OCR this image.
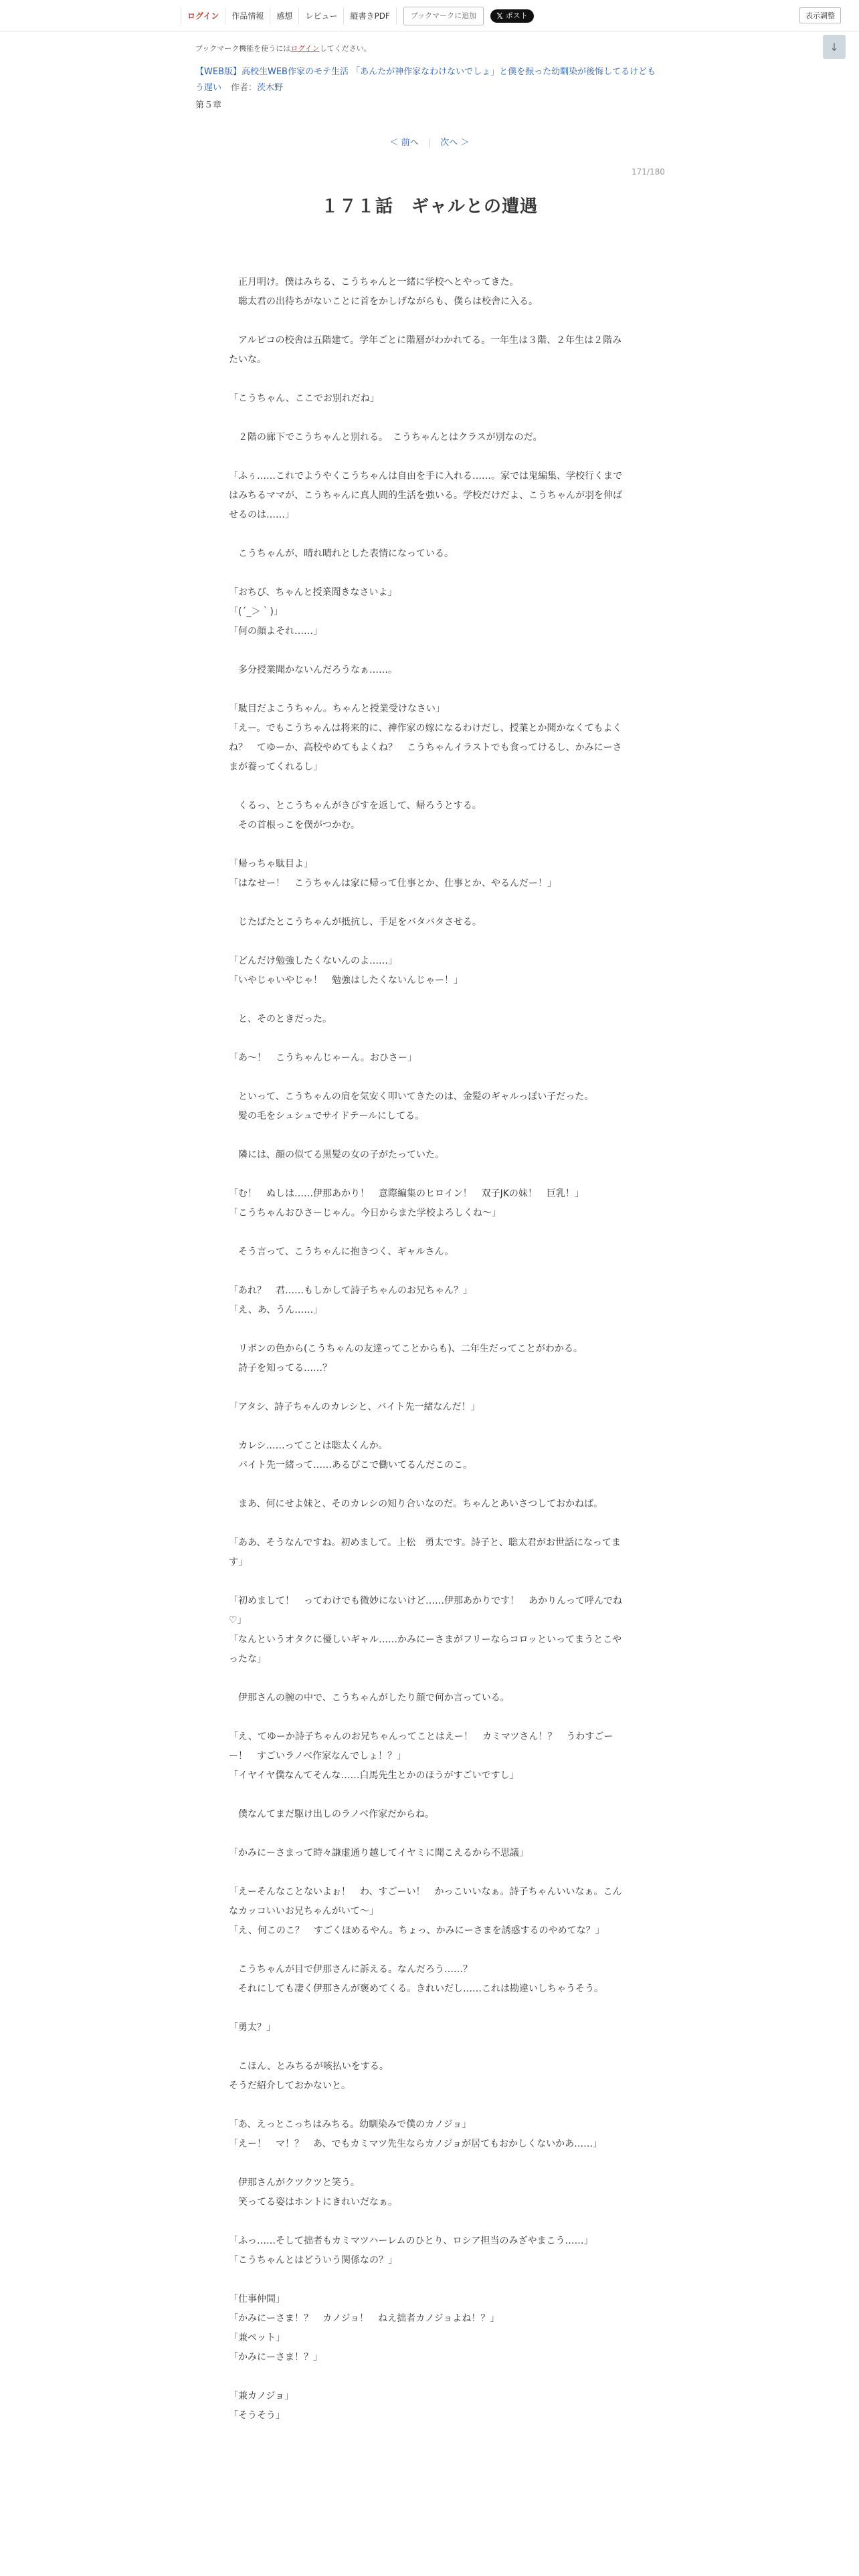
ログイン	作品情報	感想	レビュー	縦書きPDF	ブックマークに追加	𝕏 ポスト	表示調整
↓
ブックマーク機能を使うにはログインしてください。
【WEB版】高校生WEB作家のモテ生活 「あんたが神作家なわけないでしょ」と僕を振った幼馴染が後悔してるけどもう遅い 作者：茨木野
第５章
＜ 前へ | 次へ ＞
171/180
１７１話　ギャルとの遭遇
　正月明け。僕はみちる、こうちゃんと一緒に学校へとやってきた。
　聡太君の出待ちがないことに首をかしげながらも、僕らは校舎に入る。
　アルピコの校舎は五階建て。学年ごとに階層がわかれてる。一年生は３階、２年生は２階みたいな。
「こうちゃん、ここでお別れだね」
　２階の廊下でこうちゃんと別れる。　こうちゃんとはクラスが別なのだ。
「ふぅ……これでようやくこうちゃんは自由を手に入れる……。家では鬼編集、学校行くまではみちるママが、こうちゃんに真人間的生活を強いる。学校だけだよ、こうちゃんが羽を伸ばせるのは……」
　こうちゃんが、晴れ晴れとした表情になっている。
「おちび、ちゃんと授業聞きなさいよ」
「(´_＞｀)」
「何の顔よそれ……」
　多分授業聞かないんだろうなぁ……。
「駄目だよこうちゃん。ちゃんと授業受けなさい」
「えー。でもこうちゃんは将来的に、神作家の嫁になるわけだし、授業とか聞かなくてもよくね？　てゆーか、高校やめてもよくね？　こうちゃんイラストでも食ってけるし、かみにーさまが養ってくれるし」
　くるっ、とこうちゃんがきびすを返して、帰ろうとする。
　その首根っこを僕がつかむ。
「帰っちゃ駄目よ」
「はなせー！　こうちゃんは家に帰って仕事とか、仕事とか、やるんだー！」
　じたばたとこうちゃんが抵抗し、手足をバタバタさせる。
「どんだけ勉強したくないんのよ……」
「いやじゃいやじゃ！　勉強はしたくないんじゃー！」
　と、そのときだった。
「あ〜！　こうちゃんじゃーん。おひさー」
　といって、こうちゃんの肩を気安く叩いてきたのは、金髪のギャルっぽい子だった。
　髪の毛をシュシュでサイドテールにしてる。
　隣には、顔の似てる黒髪の女の子がたっていた。
「む！　ぬしは……伊那あかり！　意際編集のヒロイン！　双子JKの妹！　巨乳！」
「こうちゃんおひさーじゃん。今日からまた学校よろしくね〜」
　そう言って、こうちゃんに抱きつく、ギャルさん。
「あれ？　君……もしかして詩子ちゃんのお兄ちゃん？」
「え、あ、うん……」
　リボンの色から(こうちゃんの友達ってことからも)、二年生だってことがわかる。
　詩子を知ってる……？
「アタシ、詩子ちゃんのカレシと、バイト先一緒なんだ！」
　カレシ……ってことは聡太くんか。
　バイト先一緒って……あるぴこで働いてるんだこのこ。
　まあ、何にせよ妹と、そのカレシの知り合いなのだ。ちゃんとあいさつしておかねば。
「ああ、そうなんですね。初めまして。上松　勇太です。詩子と、聡太君がお世話になってます」
「初めまして！　ってわけでも微妙にないけど……伊那あかりです！　あかりんって呼んでね♡」
「なんというオタクに優しいギャル……かみにーさまがフリーならコロッといってまうとこやったな」
　伊那さんの腕の中で、こうちゃんがしたり顔で何か言っている。
「え、てゆーか詩子ちゃんのお兄ちゃんってことはえー！　カミマツさん！？　うわすごーー！　すごいラノベ作家なんでしょ！？」
「イヤイヤ僕なんてそんな……白馬先生とかのほうがすごいですし」
　僕なんてまだ駆け出しのラノベ作家だからね。
「かみにーさまって時々謙虚通り越してイヤミに聞こえるから不思議」
「えーそんなことないよぉ！　わ、すごーい！　かっこいいなぁ。詩子ちゃんいいなぁ。こんなカッコいいお兄ちゃんがいて〜」
「え、何このこ？　すごくほめるやん。ちょっ、かみにーさまを誘惑するのやめてな？」
　こうちゃんが目で伊那さんに訴える。なんだろう……？
　それにしても凄く伊那さんが褒めてくる。きれいだし……これは勘違いしちゃうそう。
「勇太？」
　こほん、とみちるが咳払いをする。
そうだ紹介しておかないと。
「あ、えっとこっちはみちる。幼馴染みで僕のカノジョ」
「えー！　マ！？　あ、でもカミマツ先生ならカノジョが居てもおかしくないかあ……」
　伊那さんがクツクツと笑う。
　笑ってる姿はホントにきれいだなぁ。
「ふっ……そして拙者もカミマツハーレムのひとり、ロシア担当のみざやまこう……」
「こうちゃんとはどういう関係なの？」
「仕事仲間」
「かみにーさま！？　カノジョ！　ねえ拙者カノジョよね！？」
「兼ペット」
「かみにーさま！？」
「兼カノジョ」
「そうそう」
